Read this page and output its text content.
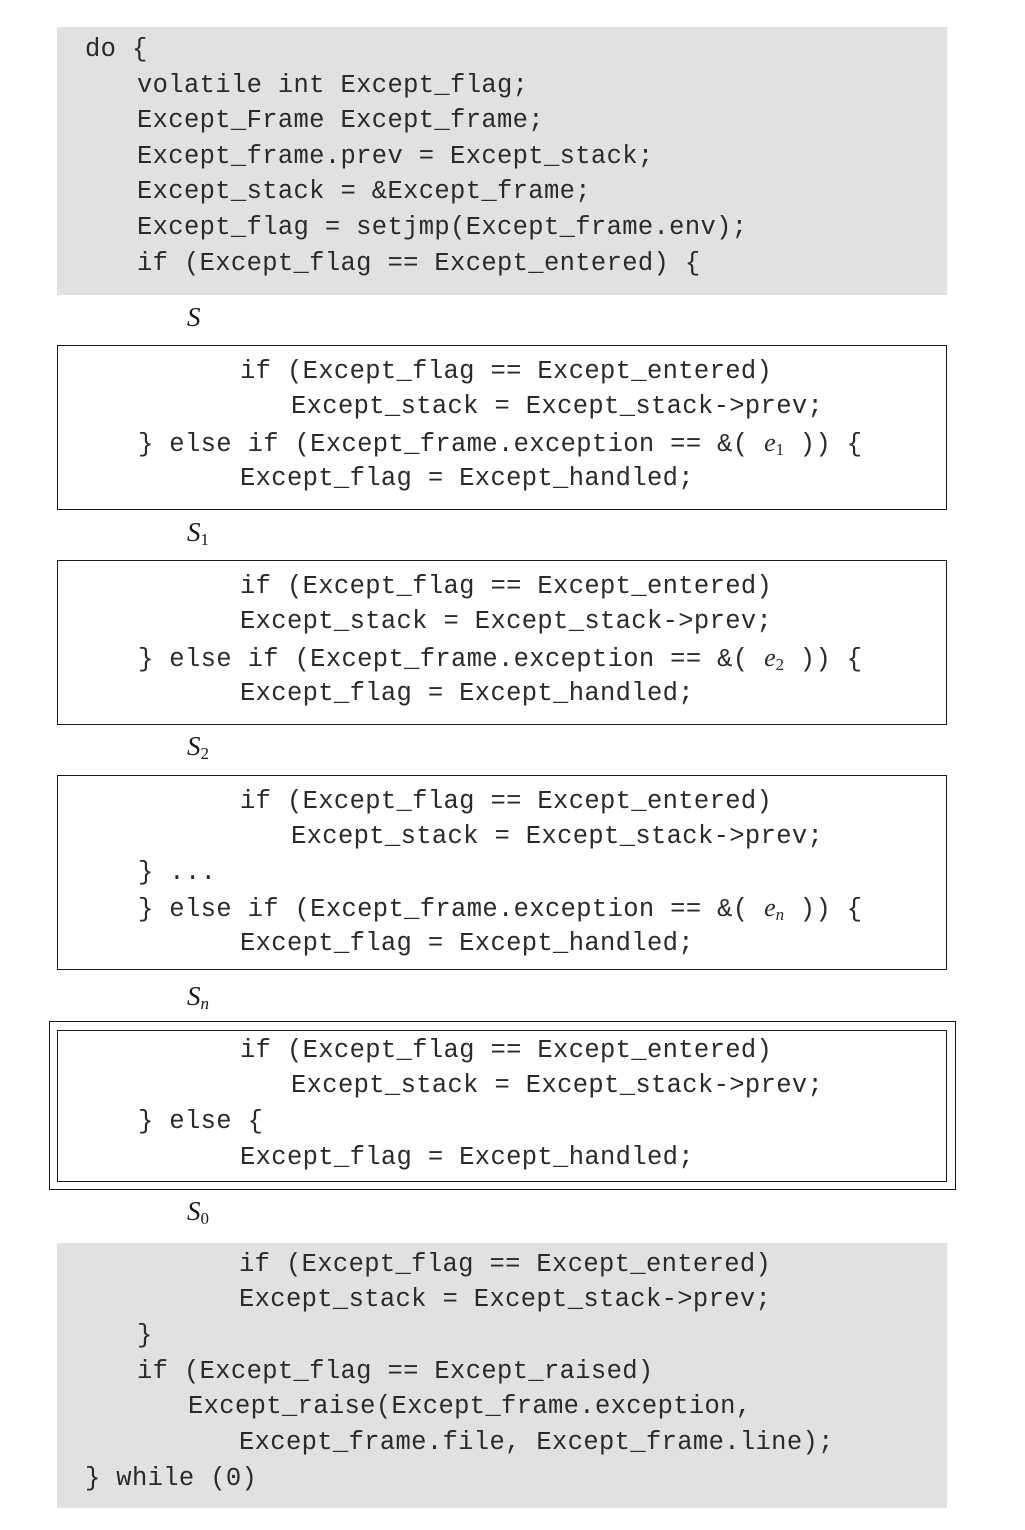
do {
volatile int Except_flag;
Except_Frame Except_frame;
Except_frame.prev = Except_stack;
Except_stack = &Except_frame;
Except_flag = setjmp(Except_frame.env);
if (Except_flag == Except_entered) {
S
if (Except_flag == Except_entered)
Except_stack = Except_stack->prev;
} else if (Except_frame.exception == &( $e_1$ )) {
Except_flag = Except_handled;
$S_1$
if (Except_flag == Except_entered)
Except_stack = Except_stack->prev;
} else if (Except_frame.exception == &( $e_2$ )) {
Except_flag = Except_handled;
$S_2$
if (Except_flag == Except_entered)
Except_stack = Except_stack->prev;
} ...
} else if (Except_frame.exception == &( $e_n$ )) {
Except_flag = Except_handled;
$S_n$
if (Except_flag == Except_entered)
Except_stack = Except_stack->prev;
} else {
Except_flag = Except_handled;
$S_0$
if (Except_flag == Except_entered)
Except_stack = Except_stack->prev;
}
if (Except_flag == Except_raised)
Except_raise(Except_frame.exception,
Except_frame.file, Except_frame.line);
} while (0)
